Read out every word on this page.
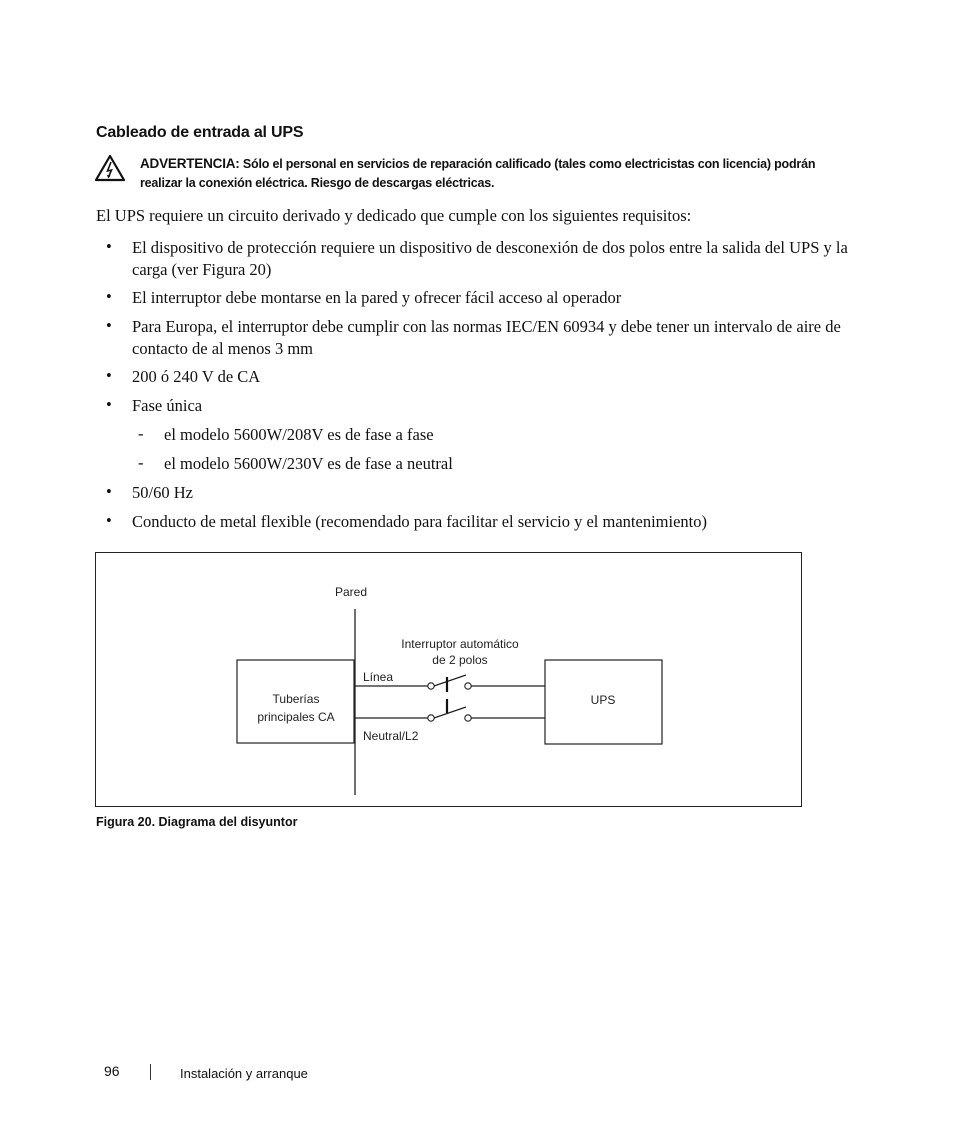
Cableado de entrada al UPS
ADVERTENCIA: Sólo el personal en servicios de reparación calificado (tales como electricistas con licencia) podrán realizar la conexión eléctrica. Riesgo de descargas eléctricas.
El UPS requiere un circuito derivado y dedicado que cumple con los siguientes requisitos:
• El dispositivo de protección requiere un dispositivo de desconexión de dos polos entre la salida del UPS y la carga (ver Figura 20)
• El interruptor debe montarse en la pared y ofrecer fácil acceso al operador
• Para Europa, el interruptor debe cumplir con las normas IEC/EN 60934 y debe tener un intervalo de aire de contacto de al menos 3 mm
• 200 ó 240 V de CA
• Fase única
- el modelo 5600W/208V es de fase a fase
- el modelo 5600W/230V es de fase a neutral
• 50/60 Hz
• Conducto de metal flexible (recomendado para facilitar el servicio y el mantenimiento)
Pared
Tuberías
principales CA
UPS
Interruptor automático
de 2 polos
Línea
Neutral/L2
Figura 20. Diagrama del disyuntor
96	Instalación y arranque
